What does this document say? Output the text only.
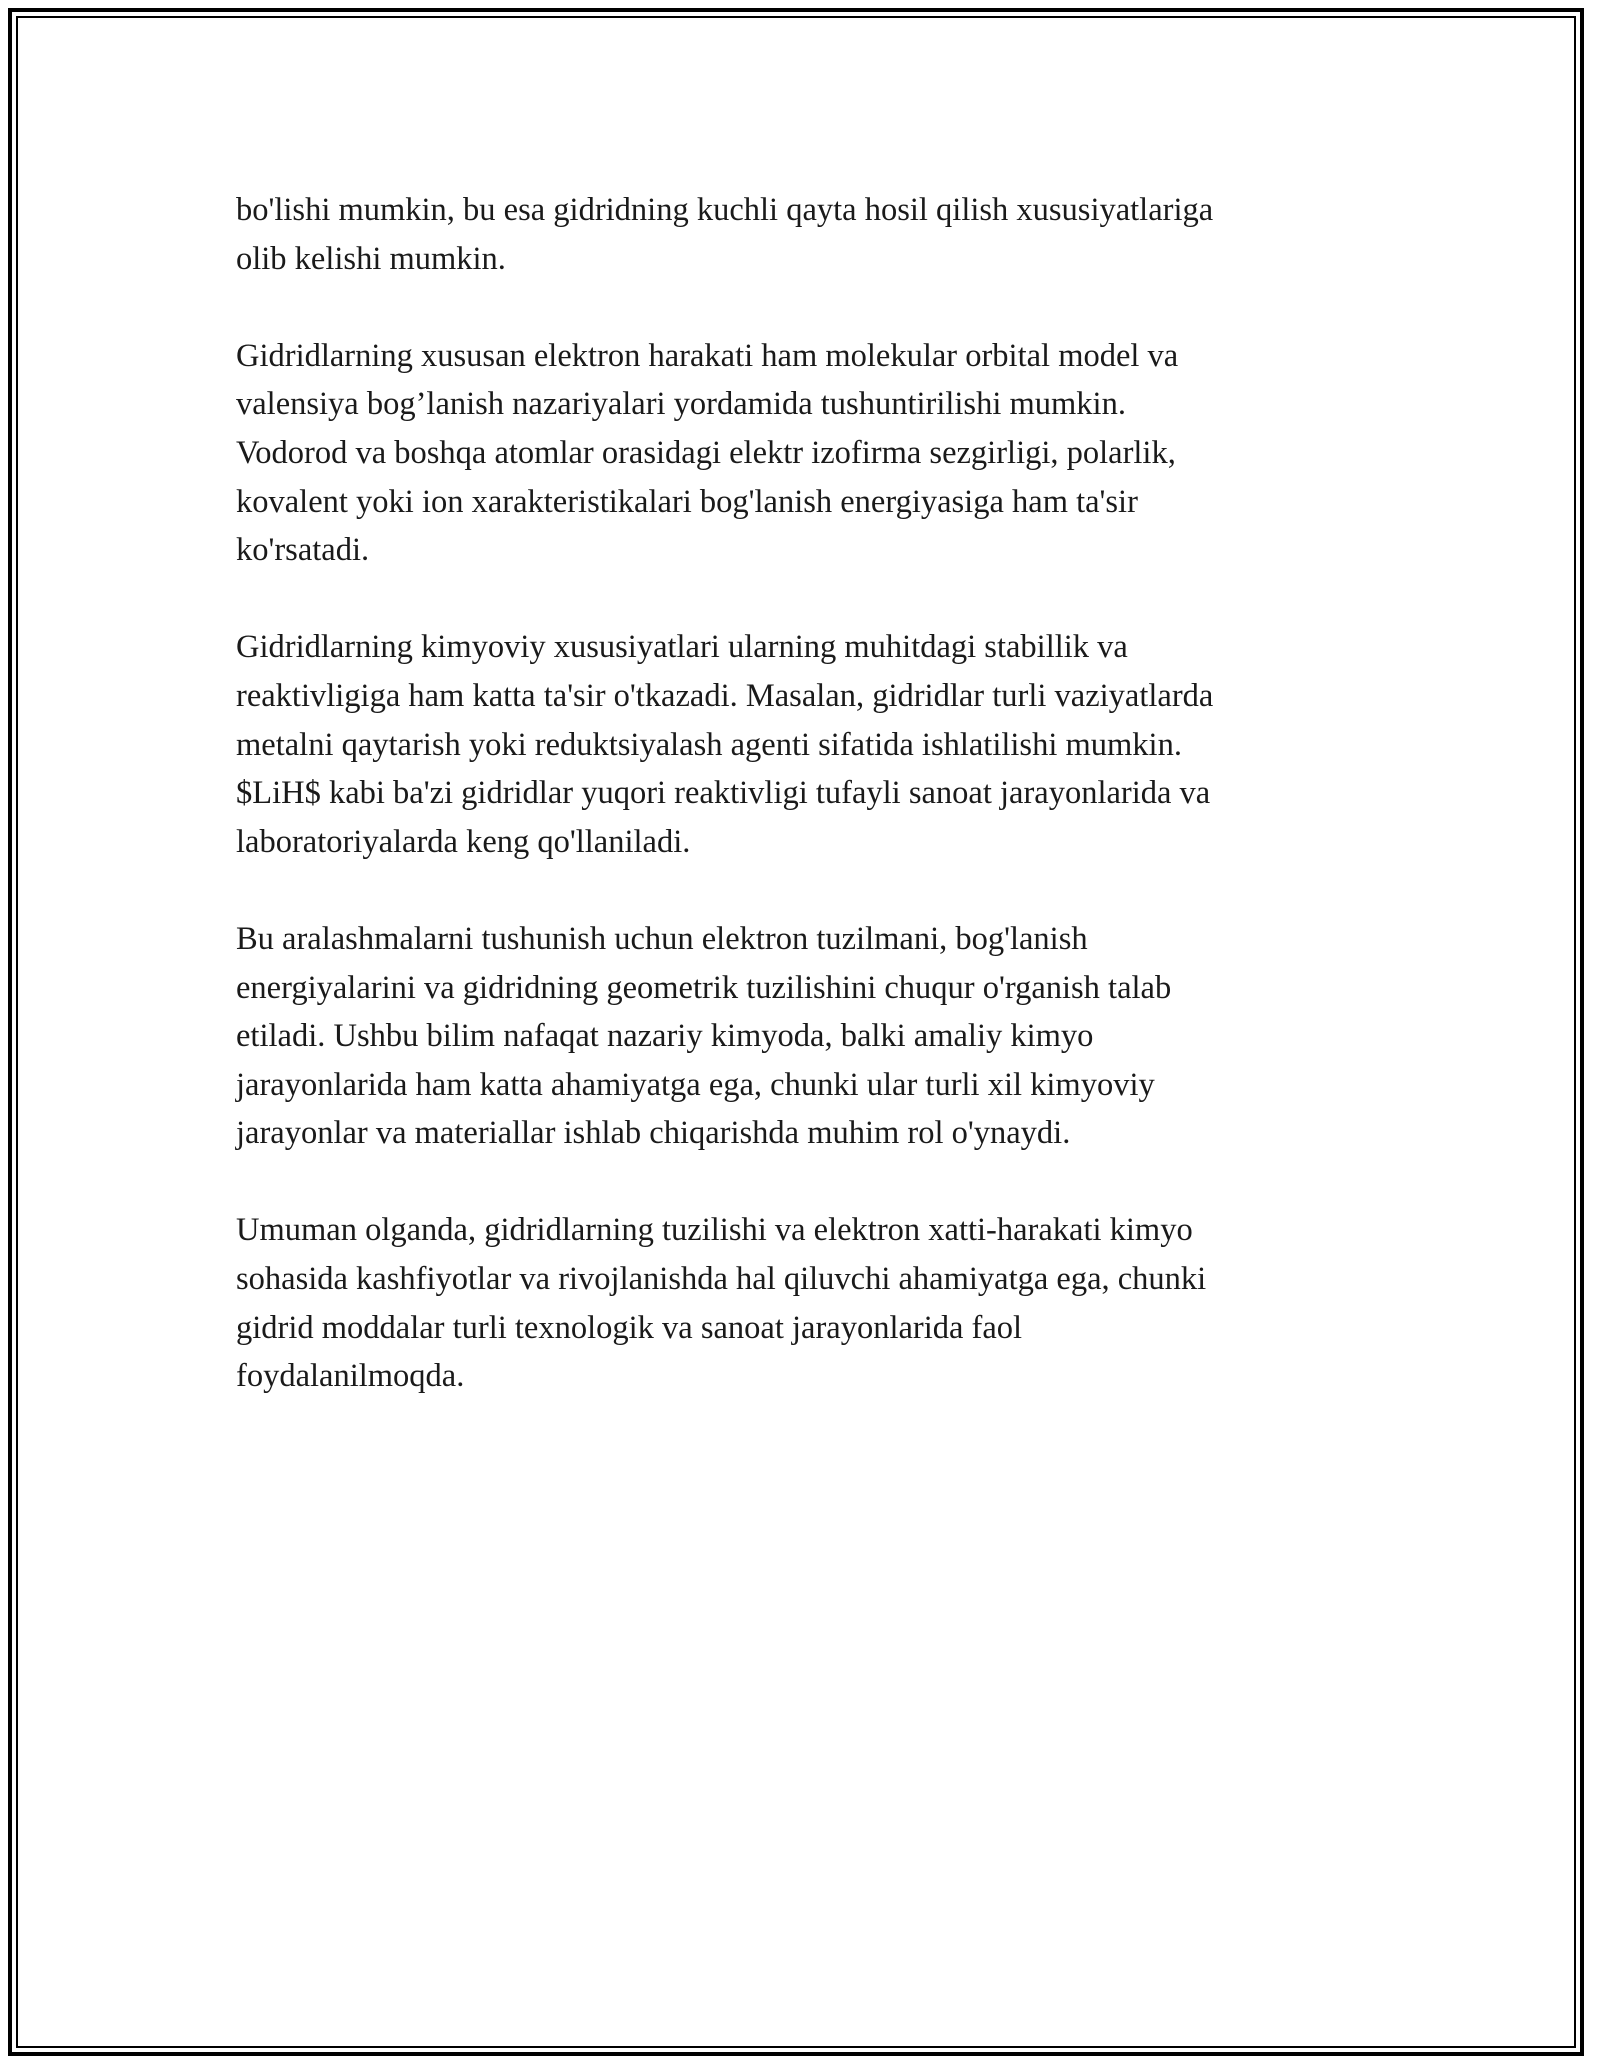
bo'lishi mumkin, bu esa gidridning kuchli qayta hosil qilish xususiyatlariga
olib kelishi mumkin.

Gidridlarning xususan elektron harakati ham molekular orbital model va
valensiya bog’lanish nazariyalari yordamida tushuntirilishi mumkin.
Vodorod va boshqa atomlar orasidagi elektr izofirma sezgirligi, polarlik,
kovalent yoki ion xarakteristikalari bog'lanish energiyasiga ham ta'sir
ko'rsatadi.

Gidridlarning kimyoviy xususiyatlari ularning muhitdagi stabillik va
reaktivligiga ham katta ta'sir o'tkazadi. Masalan, gidridlar turli vaziyatlarda
metalni qaytarish yoki reduktsiyalash agenti sifatida ishlatilishi mumkin.
$LiH$ kabi ba'zi gidridlar yuqori reaktivligi tufayli sanoat jarayonlarida va
laboratoriyalarda keng qo'llaniladi.

Bu aralashmalarni tushunish uchun elektron tuzilmani, bog'lanish
energiyalarini va gidridning geometrik tuzilishini chuqur o'rganish talab
etiladi. Ushbu bilim nafaqat nazariy kimyoda, balki amaliy kimyo
jarayonlarida ham katta ahamiyatga ega, chunki ular turli xil kimyoviy
jarayonlar va materiallar ishlab chiqarishda muhim rol o'ynaydi.

Umuman olganda, gidridlarning tuzilishi va elektron xatti-harakati kimyo
sohasida kashfiyotlar va rivojlanishda hal qiluvchi ahamiyatga ega, chunki
gidrid moddalar turli texnologik va sanoat jarayonlarida faol
foydalanilmoqda.
